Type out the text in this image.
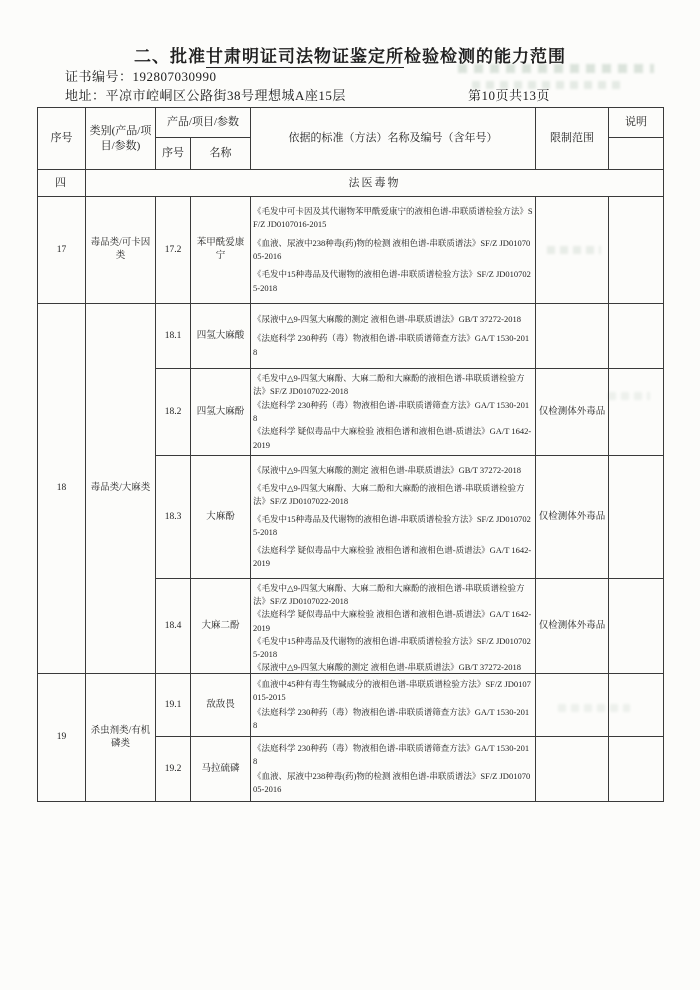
二、批准甘肃明证司法物证鉴定所检验检测的能力范围
证书编号：192807030990
地址：平凉市崆峒区公路街38号理想城A座15层	第10页共13页
序号	类别(产品/项目/参数)	产品/项目/参数		依据的标准（方法）名称及编号（含年号）	限制范围	说明
		序号	名称			
四	法医毒物					
17	毒品类/可卡因类	17.2	苯甲酰爱康宁	《毛发中可卡因及其代谢物苯甲酰爱康宁的液相色谱-串联质谱检验方法》SF/Z JD0107016-2015
《血液、尿液中238种毒(药)物的检测 液相色谱-串联质谱法》SF/Z JD0107005-2016
《毛发中15种毒品及代谢物的液相色谱-串联质谱检验方法》SF/Z JD0107025-2018		

18	毒品类/大麻类	18.1	四氢大麻酸	《尿液中△9-四氢大麻酸的测定 液相色谱-串联质谱法》GB/T 37272-2018
《法庭科学 230种药（毒）物液相色谱-串联质谱筛查方法》GA/T 1530-2018		

		18.2	四氢大麻酚	《毛发中△9-四氢大麻酚、大麻二酚和大麻酚的液相色谱-串联质谱检验方法》SF/Z JD0107022-2018
《法庭科学 230种药（毒）物液相色谱-串联质谱筛查方法》GA/T 1530-2018
《法庭科学 疑似毒品中大麻检验 液相色谱和液相色谱-质谱法》GA/T 1642-2019	仅检测体外毒品	
		18.3	大麻酚	《尿液中△9-四氢大麻酸的测定 液相色谱-串联质谱法》GB/T 37272-2018
《毛发中△9-四氢大麻酚、大麻二酚和大麻酚的液相色谱-串联质谱检验方法》SF/Z JD0107022-2018
《毛发中15种毒品及代谢物的液相色谱-串联质谱检验方法》SF/Z JD0107025-2018
《法庭科学 疑似毒品中大麻检验 液相色谱和液相色谱-质谱法》GA/T 1642-2019	仅检测体外毒品	
		18.4	大麻二酚	《毛发中△9-四氢大麻酚、大麻二酚和大麻酚的液相色谱-串联质谱检验方法》SF/Z JD0107022-2018
《法庭科学 疑似毒品中大麻检验 液相色谱和液相色谱-质谱法》GA/T 1642-2019
《毛发中15种毒品及代谢物的液相色谱-串联质谱检验方法》SF/Z JD0107025-2018
《尿液中△9-四氢大麻酸的测定 液相色谱-串联质谱法》GB/T 37272-2018	仅检测体外毒品	
19	杀虫剂类/有机磷类	19.1	敌敌畏	《血液中45种有毒生物碱成分的液相色谱-串联质谱检验方法》SF/Z JD0107015-2015
《法庭科学 230种药（毒）物液相色谱-串联质谱筛查方法》GA/T 1530-2018		

		19.2	马拉硫磷	《法庭科学 230种药（毒）物液相色谱-串联质谱筛查方法》GA/T 1530-2018
《血液、尿液中238种毒(药)物的检测 液相色谱-串联质谱法》SF/Z JD0107005-2016		
